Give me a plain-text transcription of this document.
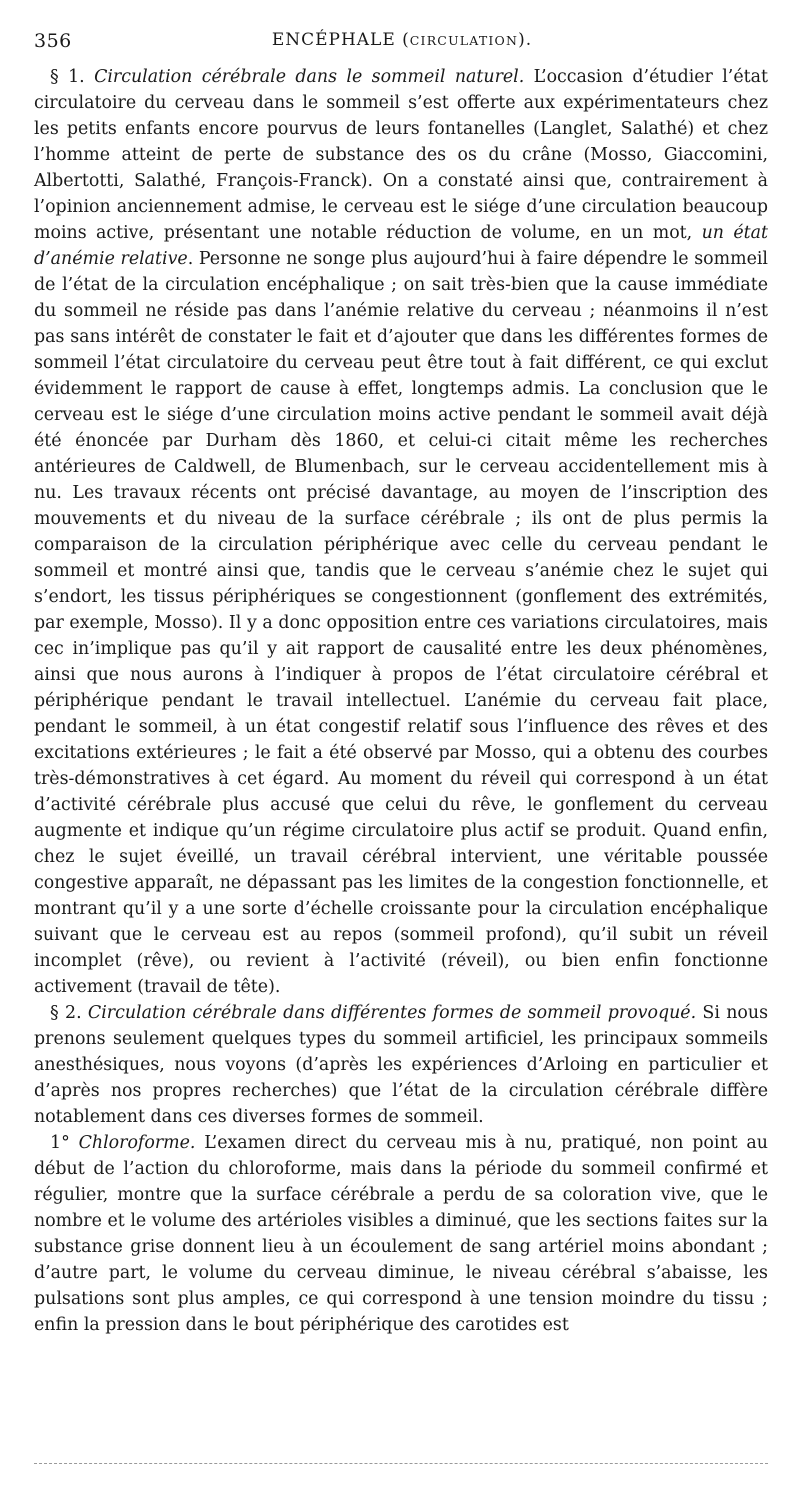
356	ENCÉPHALE (CIRCULATION).

§ 1. Circulation cérébrale dans le sommeil naturel. L’occasion d’étudier l’état circulatoire du cerveau dans le sommeil s’est offerte aux expérimentateurs chez les petits enfants encore pourvus de leurs fontanelles (Langlet, Salathé) et chez l’homme atteint de perte de substance des os du crâne (Mosso, Giaccomini, Albertotti, Salathé, François-Franck). On a constaté ainsi que, contrairement à l’opinion anciennement admise, le cerveau est le siége d’une circulation beaucoup moins active, présentant une notable réduction de volume, en un mot, un état d’anémie relative. Personne ne songe plus aujourd’hui à faire dépendre le sommeil de l’état de la circulation encéphalique ; on sait très-bien que la cause immédiate du sommeil ne réside pas dans l’anémie relative du cerveau ; néanmoins il n’est pas sans intérêt de constater le fait et d’ajouter que dans les différentes formes de sommeil l’état circulatoire du cerveau peut être tout à fait différent, ce qui exclut évidemment le rapport de cause à effet, longtemps admis. La conclusion que le cerveau est le siége d’une circulation moins active pendant le sommeil avait déjà été énoncée par Durham dès 1860, et celui-ci citait même les recherches antérieures de Caldwell, de Blumenbach, sur le cerveau accidentellement mis à nu. Les travaux récents ont précisé davantage, au moyen de l’inscription des mouvements et du niveau de la surface cérébrale ; ils ont de plus permis la comparaison de la circulation périphérique avec celle du cerveau pendant le sommeil et montré ainsi que, tandis que le cerveau s’anémie chez le sujet qui s’endort, les tissus périphériques se congestionnent (gonflement des extrémités, par exemple, Mosso). Il y a donc opposition entre ces variations circulatoires, mais cec in’implique pas qu’il y ait rapport de causalité entre les deux phénomènes, ainsi que nous aurons à l’indiquer à propos de l’état circulatoire cérébral et périphérique pendant le travail intellectuel. L’anémie du cerveau fait place, pendant le sommeil, à un état congestif relatif sous l’influence des rêves et des excitations extérieures ; le fait a été observé par Mosso, qui a obtenu des courbes très-démonstratives à cet égard. Au moment du réveil qui correspond à un état d’activité cérébrale plus accusé que celui du rêve, le gonflement du cerveau augmente et indique qu’un régime circulatoire plus actif se produit. Quand enfin, chez le sujet éveillé, un travail cérébral intervient, une véritable poussée congestive apparaît, ne dépassant pas les limites de la congestion fonctionnelle, et montrant qu’il y a une sorte d’échelle croissante pour la circulation encéphalique suivant que le cerveau est au repos (sommeil profond), qu’il subit un réveil incomplet (rêve), ou revient à l’activité (réveil), ou bien enfin fonctionne activement (travail de tête).

§ 2. Circulation cérébrale dans différentes formes de sommeil provoqué. Si nous prenons seulement quelques types du sommeil artificiel, les principaux sommeils anesthésiques, nous voyons (d’après les expériences d’Arloing en particulier et d’après nos propres recherches) que l’état de la circulation cérébrale diffère notablement dans ces diverses formes de sommeil.

1° Chloroforme. L’examen direct du cerveau mis à nu, pratiqué, non point au début de l’action du chloroforme, mais dans la période du sommeil confirmé et régulier, montre que la surface cérébrale a perdu de sa coloration vive, que le nombre et le volume des artérioles visibles a diminué, que les sections faites sur la substance grise donnent lieu à un écoulement de sang artériel moins abondant ; d’autre part, le volume du cerveau diminue, le niveau cérébral s’abaisse, les pulsations sont plus amples, ce qui correspond à une tension moindre du tissu ; enfin la pression dans le bout périphérique des carotides est
